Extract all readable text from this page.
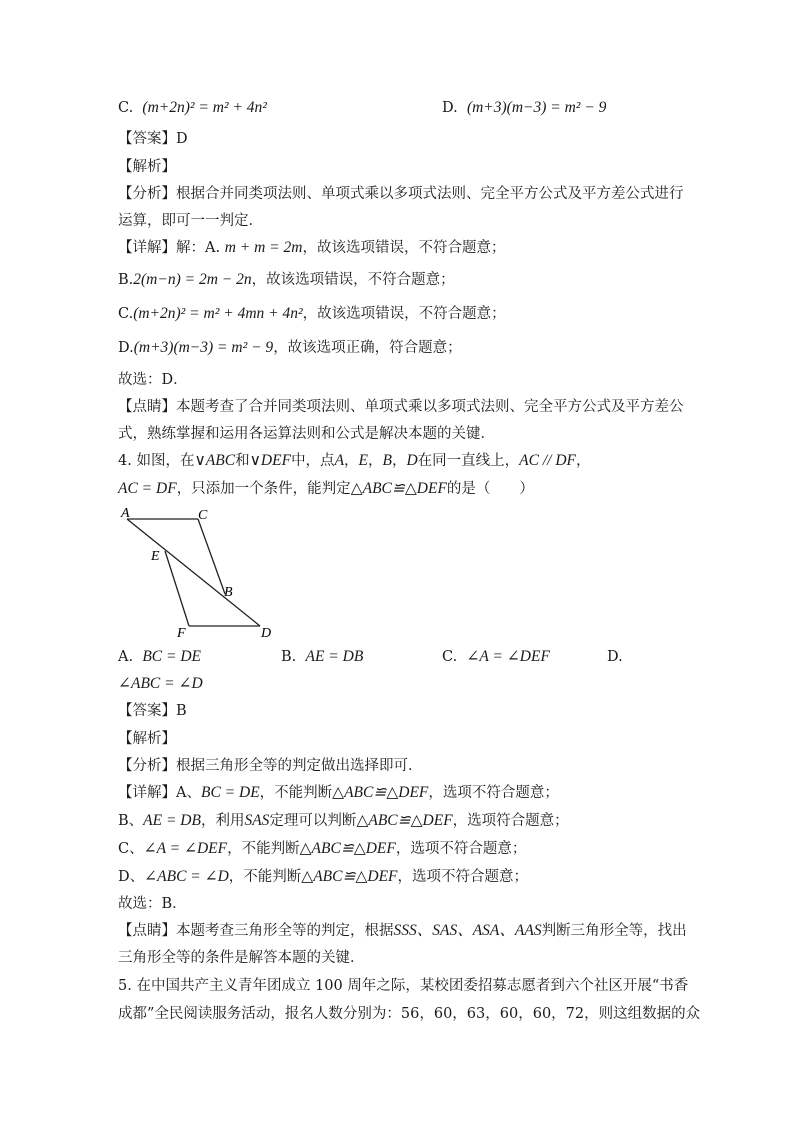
C. (m+2n)² = m² + 4n²	D. (m+3)(m−3) = m² − 9
【答案】D
【解析】
【分析】根据合并同类项法则、单项式乘以多项式法则、完全平方公式及平方差公式进行
运算，即可一一判定．
【详解】解：A. m + m = 2m，故该选项错误，不符合题意；
B.2(m−n) = 2m − 2n，故该选项错误，不符合题意；
C.(m+2n)² = m² + 4mn + 4n²，故该选项错误，不符合题意；
D.(m+3)(m−3) = m² − 9，故该选项正确，符合题意；
故选：D．
【点睛】本题考查了合并同类项法则、单项式乘以多项式法则、完全平方公式及平方差公
式，熟练掌握和运用各运算法则和公式是解决本题的关键．
4. 如图，在∨ABC和∨DEF中，点A，E，B，D在同一直线上，AC // DF，
AC = DF，只添加一个条件，能判定△ABC≌△DEF的是（　　）
A	C
E
B
F	D
A. BC = DE	B. AE = DB	C. ∠A = ∠DEF	D.
∠ABC = ∠D
【答案】B
【解析】
【分析】根据三角形全等的判定做出选择即可．
【详解】A、BC = DE，不能判断△ABC≌△DEF，选项不符合题意；
B、AE = DB，利用SAS定理可以判断△ABC≌△DEF，选项符合题意；
C、∠A = ∠DEF，不能判断△ABC≌△DEF，选项不符合题意；
D、∠ABC = ∠D，不能判断△ABC≌△DEF，选项不符合题意；
故选：B．
【点睛】本题考查三角形全等的判定，根据SSS、SAS、ASA、AAS判断三角形全等，找出
三角形全等的条件是解答本题的关键．
5. 在中国共产主义青年团成立 100 周年之际，某校团委招募志愿者到六个社区开展“书香
成都”全民阅读服务活动，报名人数分别为：56，60，63，60，60，72，则这组数据的众
